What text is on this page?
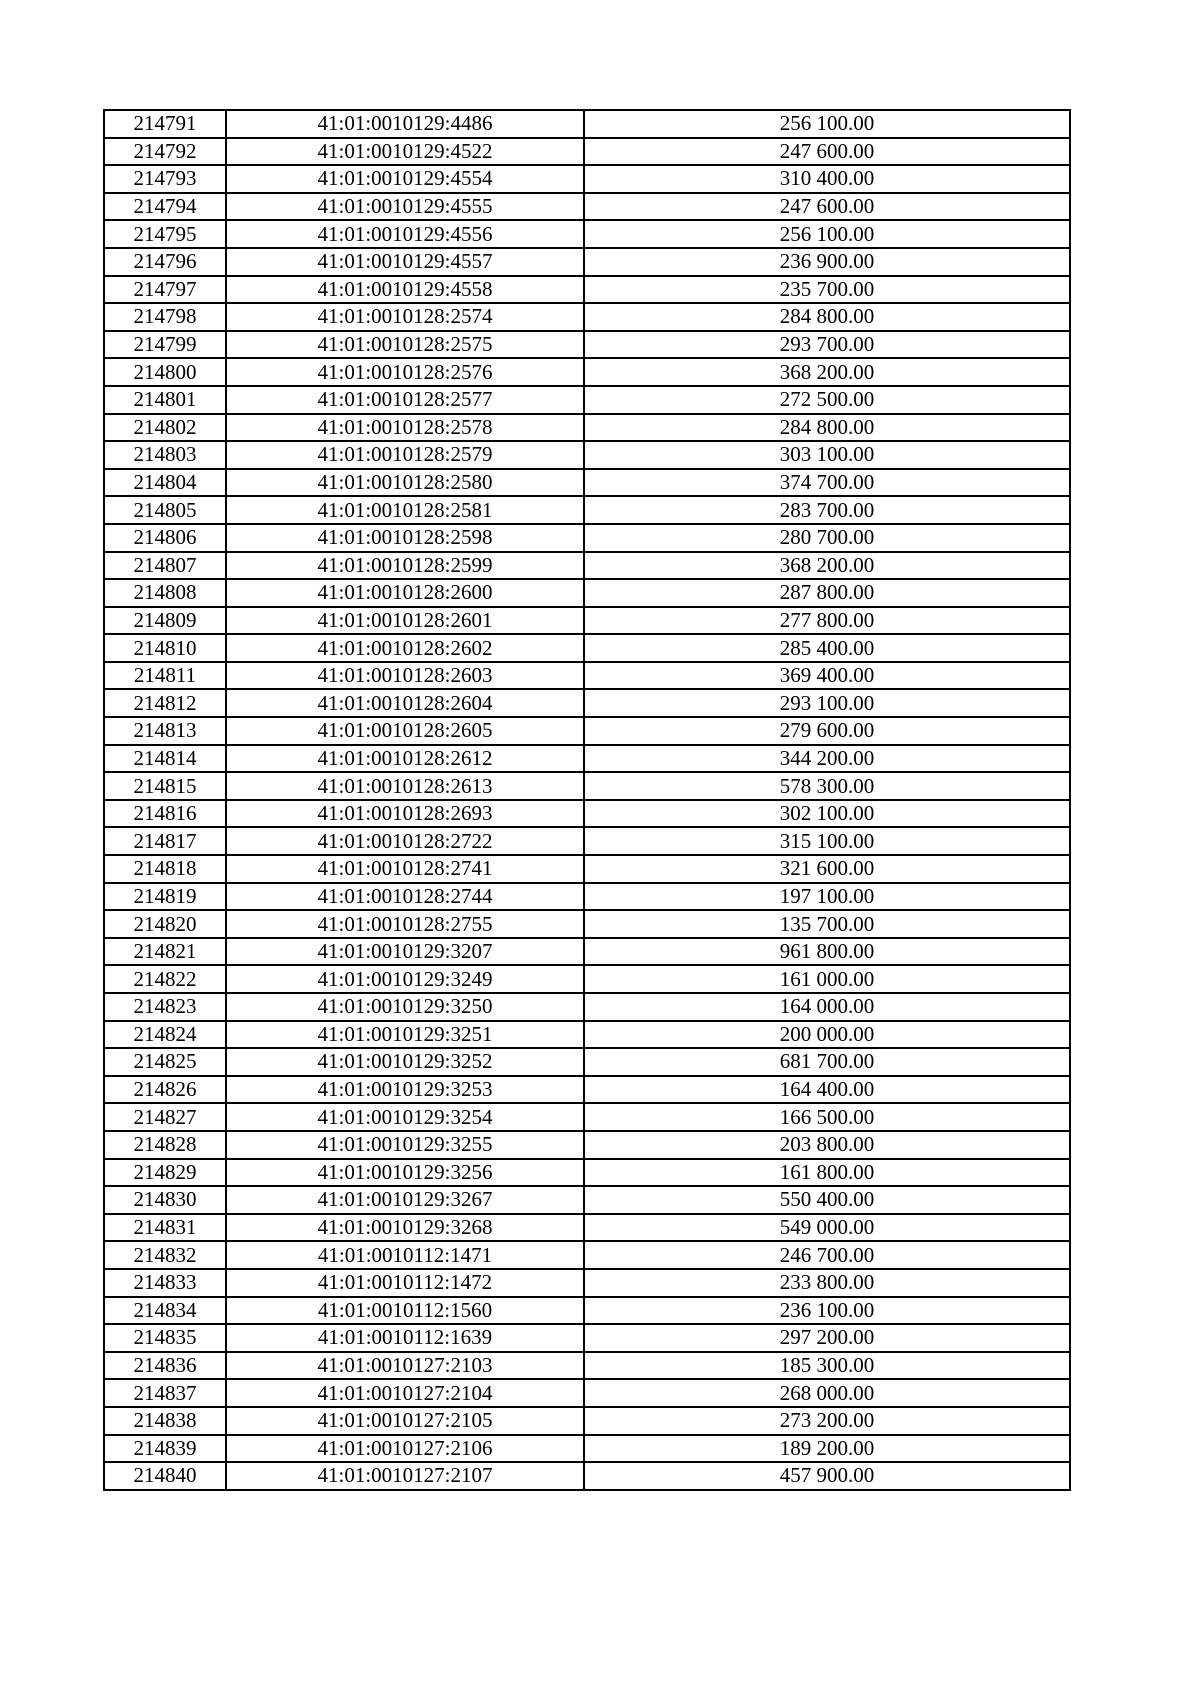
214791	41:01:0010129:4486	256 100.00
214792	41:01:0010129:4522	247 600.00
214793	41:01:0010129:4554	310 400.00
214794	41:01:0010129:4555	247 600.00
214795	41:01:0010129:4556	256 100.00
214796	41:01:0010129:4557	236 900.00
214797	41:01:0010129:4558	235 700.00
214798	41:01:0010128:2574	284 800.00
214799	41:01:0010128:2575	293 700.00
214800	41:01:0010128:2576	368 200.00
214801	41:01:0010128:2577	272 500.00
214802	41:01:0010128:2578	284 800.00
214803	41:01:0010128:2579	303 100.00
214804	41:01:0010128:2580	374 700.00
214805	41:01:0010128:2581	283 700.00
214806	41:01:0010128:2598	280 700.00
214807	41:01:0010128:2599	368 200.00
214808	41:01:0010128:2600	287 800.00
214809	41:01:0010128:2601	277 800.00
214810	41:01:0010128:2602	285 400.00
214811	41:01:0010128:2603	369 400.00
214812	41:01:0010128:2604	293 100.00
214813	41:01:0010128:2605	279 600.00
214814	41:01:0010128:2612	344 200.00
214815	41:01:0010128:2613	578 300.00
214816	41:01:0010128:2693	302 100.00
214817	41:01:0010128:2722	315 100.00
214818	41:01:0010128:2741	321 600.00
214819	41:01:0010128:2744	197 100.00
214820	41:01:0010128:2755	135 700.00
214821	41:01:0010129:3207	961 800.00
214822	41:01:0010129:3249	161 000.00
214823	41:01:0010129:3250	164 000.00
214824	41:01:0010129:3251	200 000.00
214825	41:01:0010129:3252	681 700.00
214826	41:01:0010129:3253	164 400.00
214827	41:01:0010129:3254	166 500.00
214828	41:01:0010129:3255	203 800.00
214829	41:01:0010129:3256	161 800.00
214830	41:01:0010129:3267	550 400.00
214831	41:01:0010129:3268	549 000.00
214832	41:01:0010112:1471	246 700.00
214833	41:01:0010112:1472	233 800.00
214834	41:01:0010112:1560	236 100.00
214835	41:01:0010112:1639	297 200.00
214836	41:01:0010127:2103	185 300.00
214837	41:01:0010127:2104	268 000.00
214838	41:01:0010127:2105	273 200.00
214839	41:01:0010127:2106	189 200.00
214840	41:01:0010127:2107	457 900.00
